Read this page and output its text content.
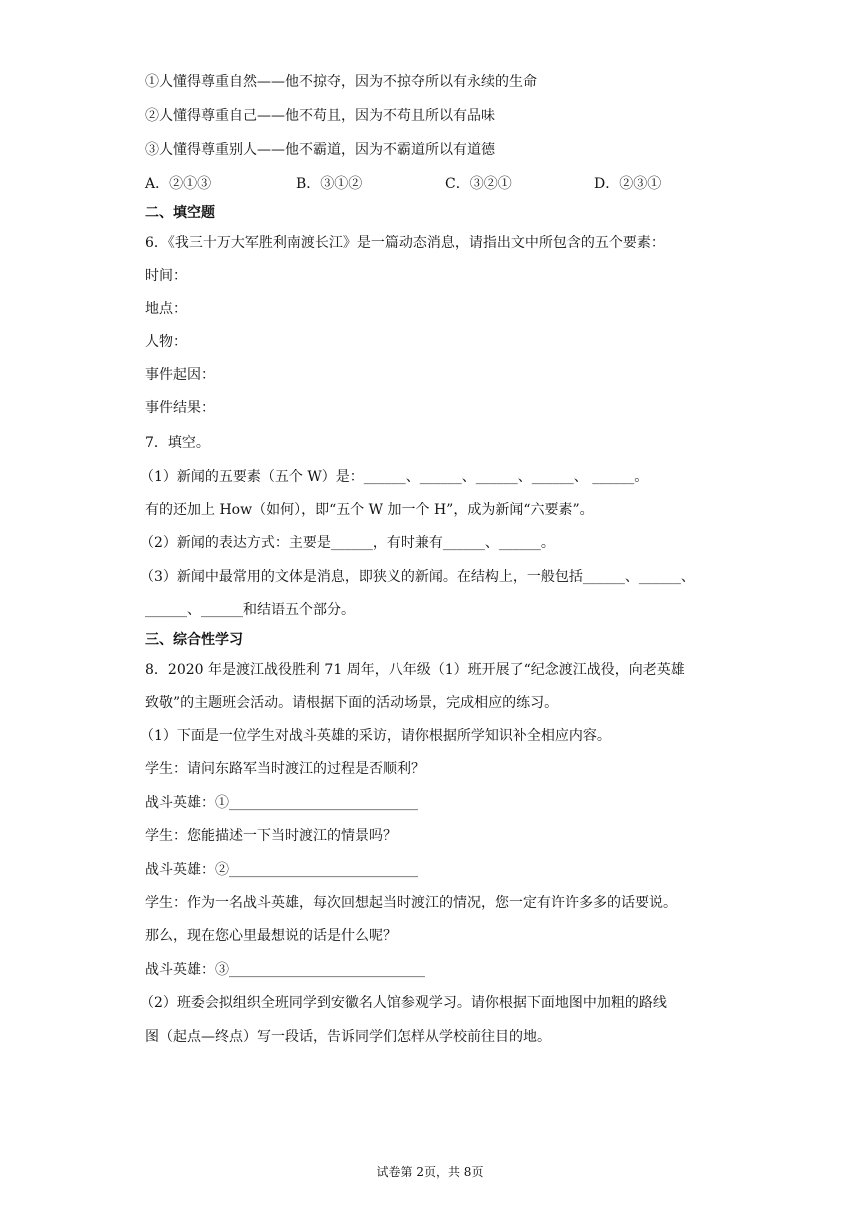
①人懂得尊重自然——他不掠夺，因为不掠夺所以有永续的生命
②人懂得尊重自己——他不苟且，因为不苟且所以有品味
③人懂得尊重别人——他不霸道，因为不霸道所以有道德
A．②①③	B．③①②	C．③②①	D．②③①
二、填空题
6．《我三十万大军胜利南渡长江》是一篇动态消息，请指出文中所包含的五个要素：
时间：
地点：
人物：
事件起因：
事件结果：
7．填空。
（1）新闻的五要素（五个 W）是：______、______、______、______、 ______。
有的还加上 How（如何），即“五个 W 加一个 H”，成为新闻“六要素”。
（2）新闻的表达方式：主要是______，有时兼有______、______。
（3）新闻中最常用的文体是消息，即狭义的新闻。在结构上，一般包括______、______、
______、______和结语五个部分。
三、综合性学习
8．2020 年是渡江战役胜利 71 周年，八年级（1）班开展了“纪念渡江战役，向老英雄
致敬”的主题班会活动。请根据下面的活动场景，完成相应的练习。
（1）下面是一位学生对战斗英雄的采访，请你根据所学知识补全相应内容。
学生：请问东路军当时渡江的过程是否顺利？
战斗英雄：①___________________________
学生：您能描述一下当时渡江的情景吗？
战斗英雄：②___________________________
学生：作为一名战斗英雄，每次回想起当时渡江的情况，您一定有许许多多的话要说。
那么，现在您心里最想说的话是什么呢？
战斗英雄：③____________________________
（2）班委会拟组织全班同学到安徽名人馆参观学习。请你根据下面地图中加粗的路线
图（起点—终点）写一段话，告诉同学们怎样从学校前往目的地。
试卷第 2页，共 8页
